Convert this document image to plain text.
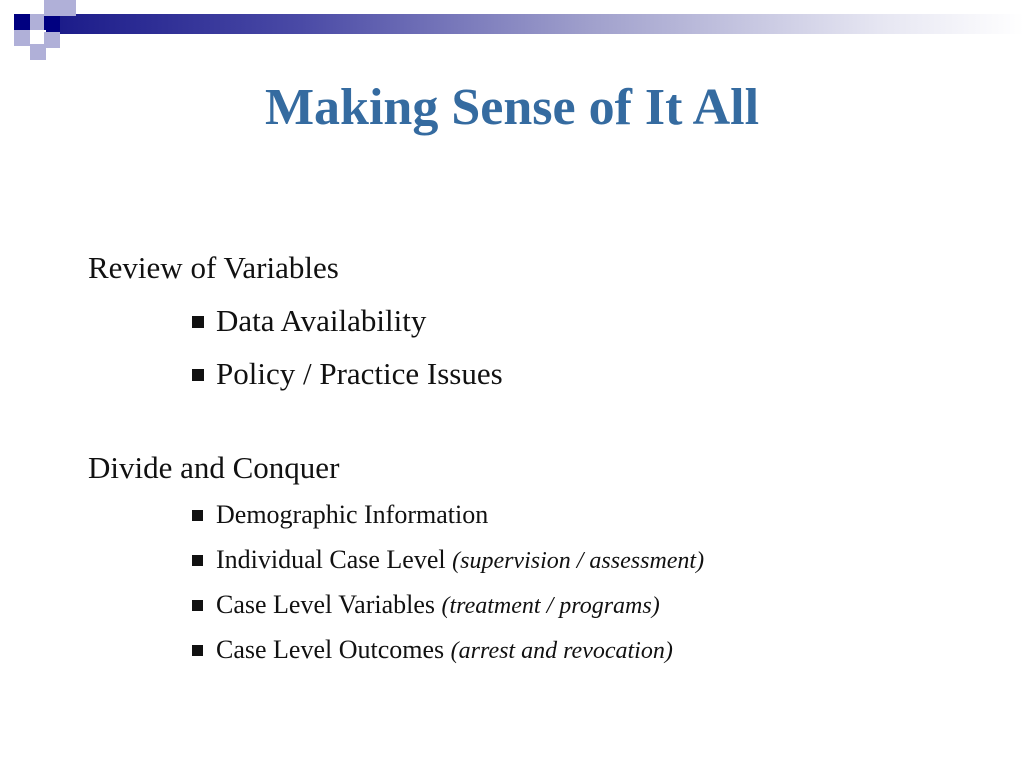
Making Sense of It All
Review of Variables
Data Availability
Policy / Practice Issues
Divide and Conquer
Demographic Information
Individual Case Level (supervision / assessment)
Case Level Variables (treatment / programs)
Case Level Outcomes (arrest and revocation)
